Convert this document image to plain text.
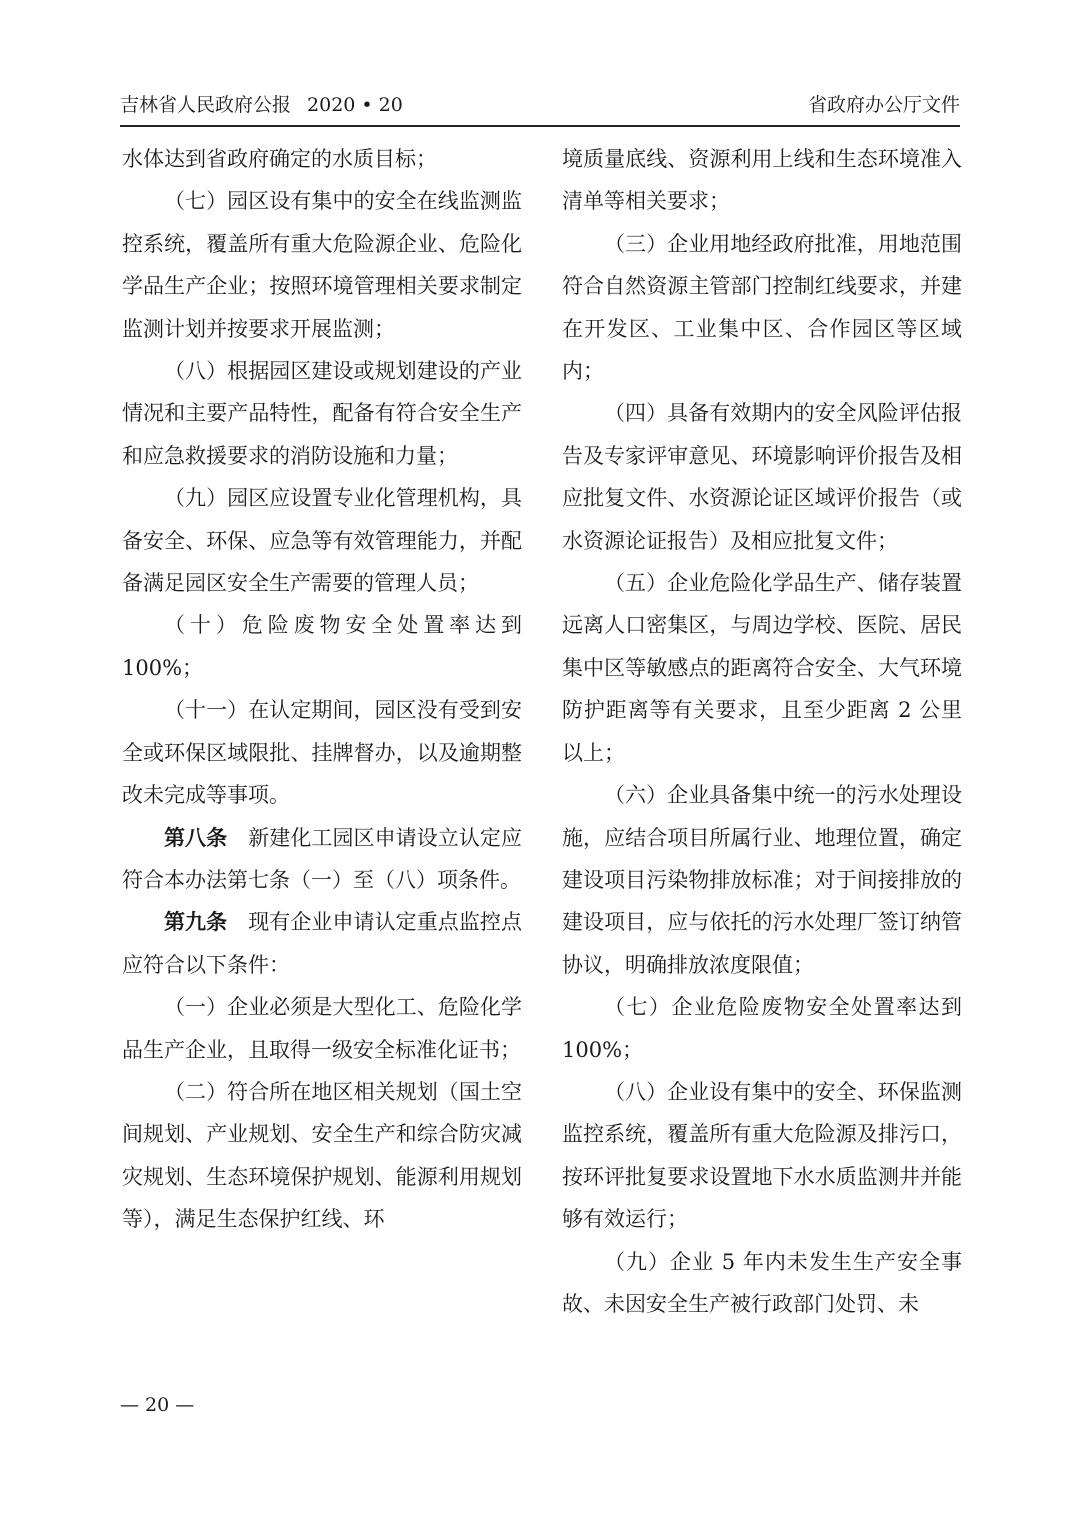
吉林省人民政府公报 2020 • 20	省政府办公厅文件

水体达到省政府确定的水质目标；

（七）园区设有集中的安全在线监测监控系统，覆盖所有重大危险源企业、危险化学品生产企业；按照环境管理相关要求制定监测计划并按要求开展监测；

（八）根据园区建设或规划建设的产业情况和主要产品特性，配备有符合安全生产和应急救援要求的消防设施和力量；

（九）园区应设置专业化管理机构，具备安全、环保、应急等有效管理能力，并配备满足园区安全生产需要的管理人员；

（十）危险废物安全处置率达到 100%；

（十一）在认定期间，园区没有受到安全或环保区域限批、挂牌督办，以及逾期整改未完成等事项。

第八条　新建化工园区申请设立认定应符合本办法第七条（一）至（八）项条件。

第九条　现有企业申请认定重点监控点应符合以下条件：

（一）企业必须是大型化工、危险化学品生产企业，且取得一级安全标准化证书；

（二）符合所在地区相关规划（国土空间规划、产业规划、安全生产和综合防灾减灾规划、生态环境保护规划、能源利用规划等），满足生态保护红线、环

境质量底线、资源利用上线和生态环境准入清单等相关要求；

（三）企业用地经政府批准，用地范围符合自然资源主管部门控制红线要求，并建在开发区、工业集中区、合作园区等区域内；

（四）具备有效期内的安全风险评估报告及专家评审意见、环境影响评价报告及相应批复文件、水资源论证区域评价报告（或水资源论证报告）及相应批复文件；

（五）企业危险化学品生产、储存装置远离人口密集区，与周边学校、医院、居民集中区等敏感点的距离符合安全、大气环境防护距离等有关要求，且至少距离 2 公里以上；

（六）企业具备集中统一的污水处理设施，应结合项目所属行业、地理位置，确定建设项目污染物排放标准；对于间接排放的建设项目，应与依托的污水处理厂签订纳管协议，明确排放浓度限值；

（七）企业危险废物安全处置率达到 100%；

（八）企业设有集中的安全、环保监测监控系统，覆盖所有重大危险源及排污口，按环评批复要求设置地下水水质监测井并能够有效运行；

（九）企业 5 年内未发生生产安全事故、未因安全生产被行政部门处罚、未

— 20 —
